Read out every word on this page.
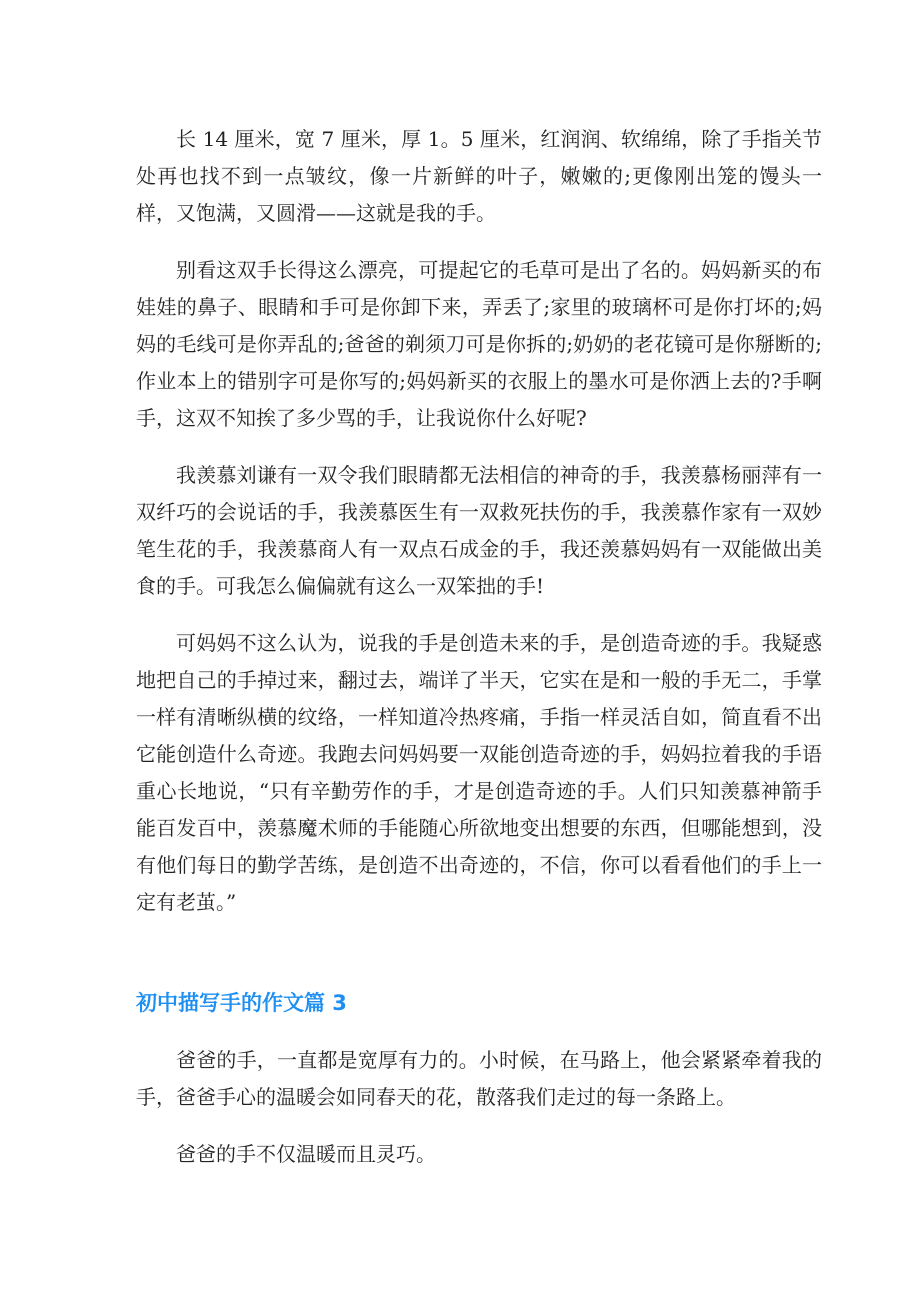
长 14 厘米，宽 7 厘米，厚 1。5 厘米，红润润、软绵绵，除了手指关节处再也找不到一点皱纹，像一片新鲜的叶子，嫩嫩的;更像刚出笼的馒头一样，又饱满，又圆滑——这就是我的手。

别看这双手长得这么漂亮，可提起它的毛草可是出了名的。妈妈新买的布娃娃的鼻子、眼睛和手可是你卸下来，弄丢了;家里的玻璃杯可是你打坏的;妈妈的毛线可是你弄乱的;爸爸的剃须刀可是你拆的;奶奶的老花镜可是你掰断的;作业本上的错别字可是你写的;妈妈新买的衣服上的墨水可是你洒上去的?手啊手，这双不知挨了多少骂的手，让我说你什么好呢?

我羡慕刘谦有一双令我们眼睛都无法相信的神奇的手，我羡慕杨丽萍有一双纤巧的会说话的手，我羡慕医生有一双救死扶伤的手，我羡慕作家有一双妙笔生花的手，我羡慕商人有一双点石成金的手，我还羡慕妈妈有一双能做出美食的手。可我怎么偏偏就有这么一双笨拙的手!

可妈妈不这么认为，说我的手是创造未来的手，是创造奇迹的手。我疑惑地把自己的手掉过来，翻过去，端详了半天，它实在是和一般的手无二，手掌一样有清晰纵横的纹络，一样知道冷热疼痛，手指一样灵活自如，简直看不出它能创造什么奇迹。我跑去问妈妈要一双能创造奇迹的手，妈妈拉着我的手语重心长地说，“只有辛勤劳作的手，才是创造奇迹的手。人们只知羡慕神箭手能百发百中，羡慕魔术师的手能随心所欲地变出想要的东西，但哪能想到，没有他们每日的勤学苦练，是创造不出奇迹的，不信，你可以看看他们的手上一定有老茧。”

初中描写手的作文篇 3

爸爸的手，一直都是宽厚有力的。小时候，在马路上，他会紧紧牵着我的手，爸爸手心的温暖会如同春天的花，散落我们走过的每一条路上。

爸爸的手不仅温暖而且灵巧。
